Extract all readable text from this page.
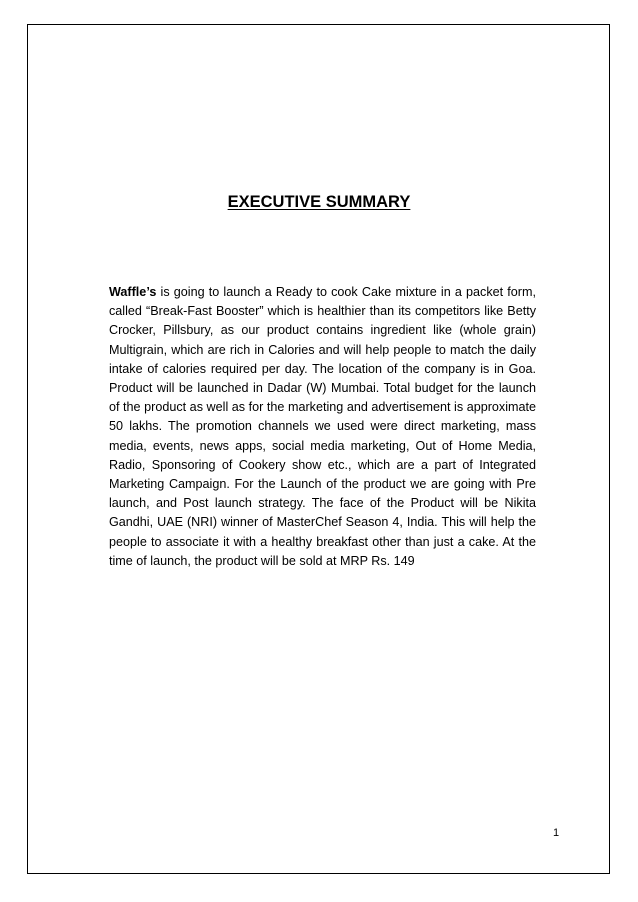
EXECUTIVE SUMMARY

Waffle’s is going to launch a Ready to cook Cake mixture in a packet form, called “Break-Fast Booster” which is healthier than its competitors like Betty Crocker, Pillsbury, as our product contains ingredient like (whole grain) Multigrain, which are rich in Calories and will help people to match the daily intake of calories required per day. The location of the company is in Goa. Product will be launched in Dadar (W) Mumbai. Total budget for the launch of the product as well as for the marketing and advertisement is approximate 50 lakhs. The promotion channels we used were direct marketing, mass media, events, news apps, social media marketing, Out of Home Media, Radio, Sponsoring of Cookery show etc., which are a part of Integrated Marketing Campaign. For the Launch of the product we are going with Pre launch, and Post launch strategy. The face of the Product will be Nikita Gandhi, UAE (NRI) winner of MasterChef Season 4, India. This will help the people to associate it with a healthy breakfast other than just a cake. At the time of launch, the product will be sold at MRP Rs. 149

1
